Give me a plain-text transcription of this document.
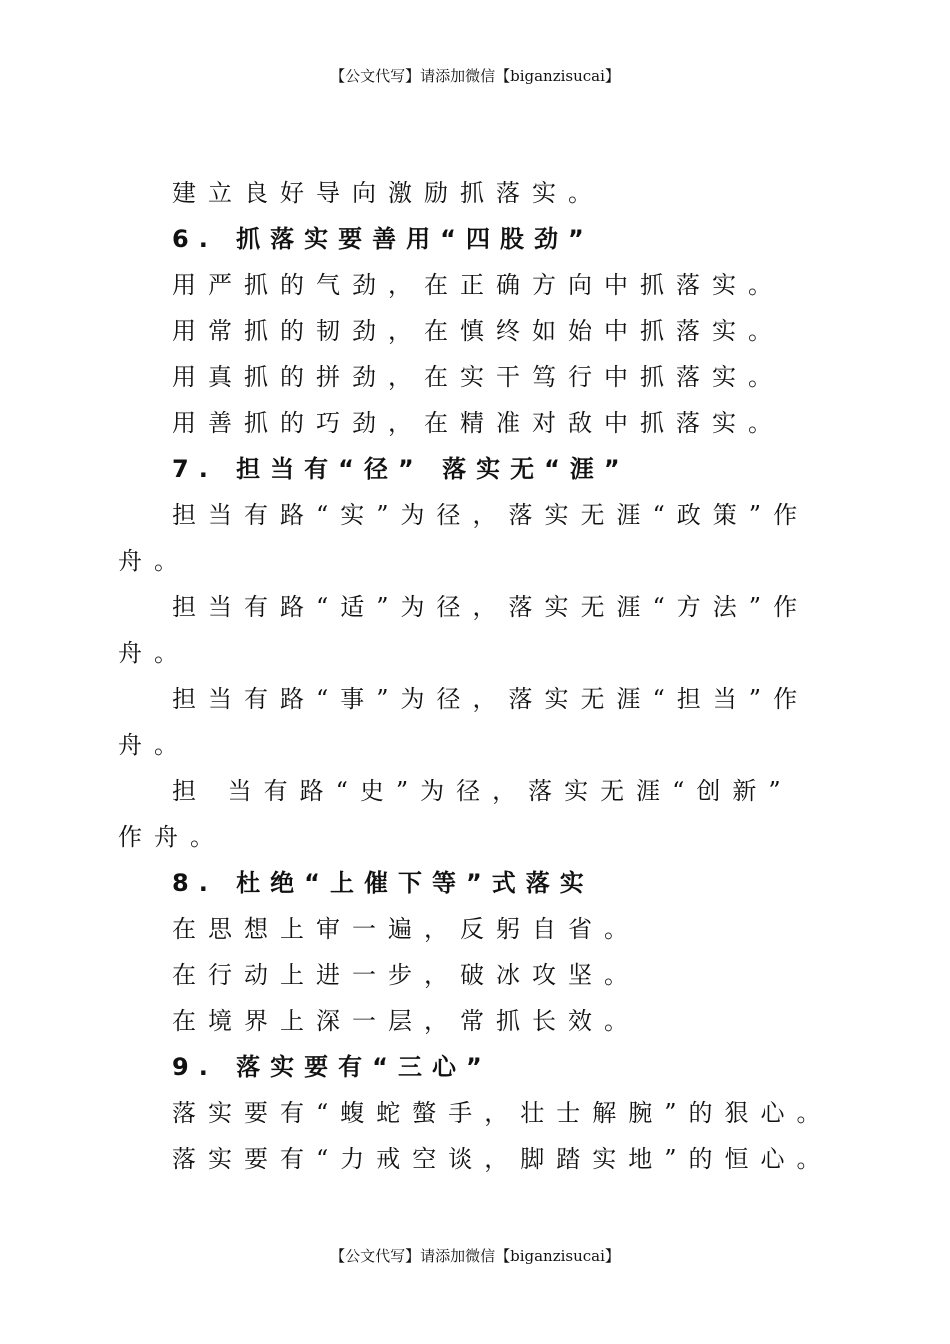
【公文代写】请添加微信【biganzisucai】
建立良好导向激励抓落实。
6. 抓落实要善用“四股劲”
用严抓的气劲，在正确方向中抓落实。
用常抓的韧劲，在慎终如始中抓落实。
用真抓的拼劲，在实干笃行中抓落实。
用善抓的巧劲，在精准对敌中抓落实。
7. 担当有“径” 落实无“涯”
担当有路“实”为径，落实无涯“政策”作
舟。
担当有路“适”为径，落实无涯“方法”作
舟。
担当有路“事”为径，落实无涯“担当”作
舟。
担 当有路“史”为径，落实无涯“创新”
作舟。
8. 杜绝“上催下等”式落实
在思想上审一遍，反躬自省。
在行动上进一步，破冰攻坚。
在境界上深一层，常抓长效。
9. 落实要有“三心”
落实要有“蝮蛇螫手，壮士解腕”的狠心。
落实要有“力戒空谈，脚踏实地”的恒心。
【公文代写】请添加微信【biganzisucai】
